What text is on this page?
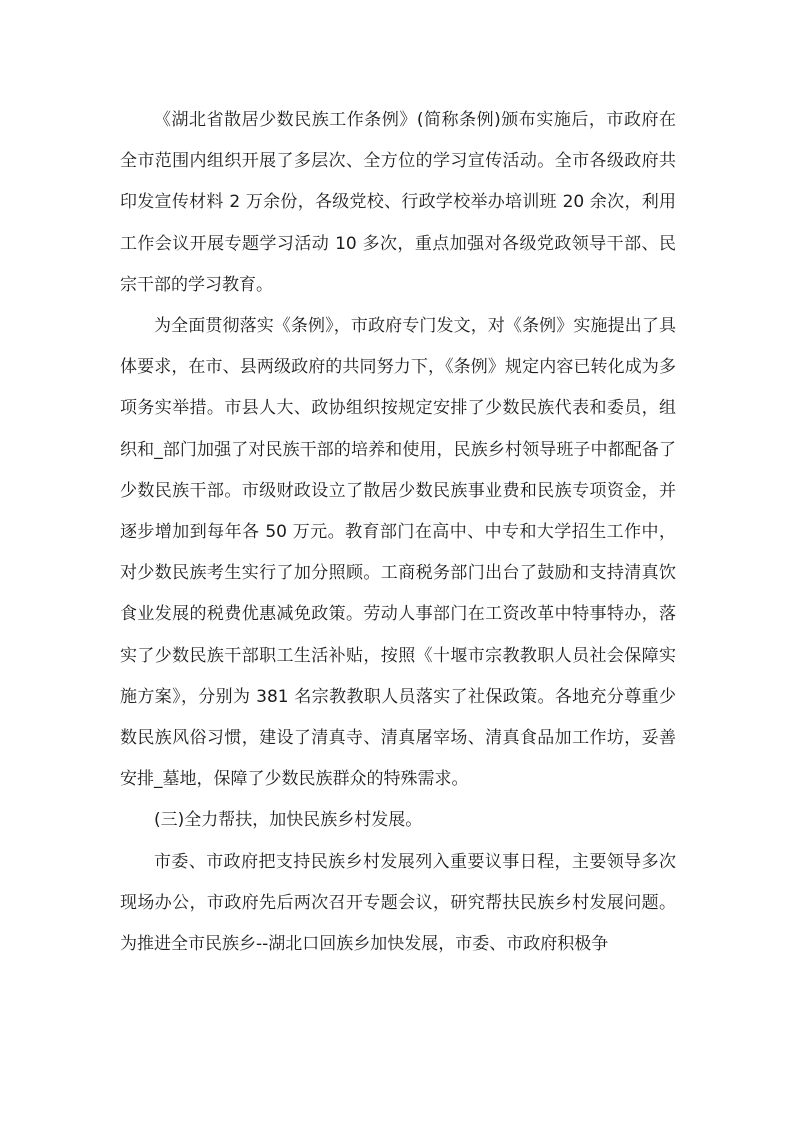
《湖北省散居少数民族工作条例》(简称条例)颁布实施后，市政府在全市范围内组织开展了多层次、全方位的学习宣传活动。全市各级政府共印发宣传材料 2 万余份，各级党校、行政学校举办培训班 20 余次，利用工作会议开展专题学习活动 10 多次，重点加强对各级党政领导干部、民宗干部的学习教育。

为全面贯彻落实《条例》，市政府专门发文，对《条例》实施提出了具体要求，在市、县两级政府的共同努力下，《条例》规定内容已转化成为多项务实举措。市县人大、政协组织按规定安排了少数民族代表和委员，组织和_部门加强了对民族干部的培养和使用，民族乡村领导班子中都配备了少数民族干部。市级财政设立了散居少数民族事业费和民族专项资金，并逐步增加到每年各 50 万元。教育部门在高中、中专和大学招生工作中，对少数民族考生实行了加分照顾。工商税务部门出台了鼓励和支持清真饮食业发展的税费优惠减免政策。劳动人事部门在工资改革中特事特办，落实了少数民族干部职工生活补贴，按照《十堰市宗教教职人员社会保障实施方案》，分别为 381 名宗教教职人员落实了社保政策。各地充分尊重少数民族风俗习惯，建设了清真寺、清真屠宰场、清真食品加工作坊，妥善安排_墓地，保障了少数民族群众的特殊需求。

(三)全力帮扶，加快民族乡村发展。

市委、市政府把支持民族乡村发展列入重要议事日程，主要领导多次现场办公，市政府先后两次召开专题会议，研究帮扶民族乡村发展问题。为推进全市民族乡--湖北口回族乡加快发展，市委、市政府积极争
